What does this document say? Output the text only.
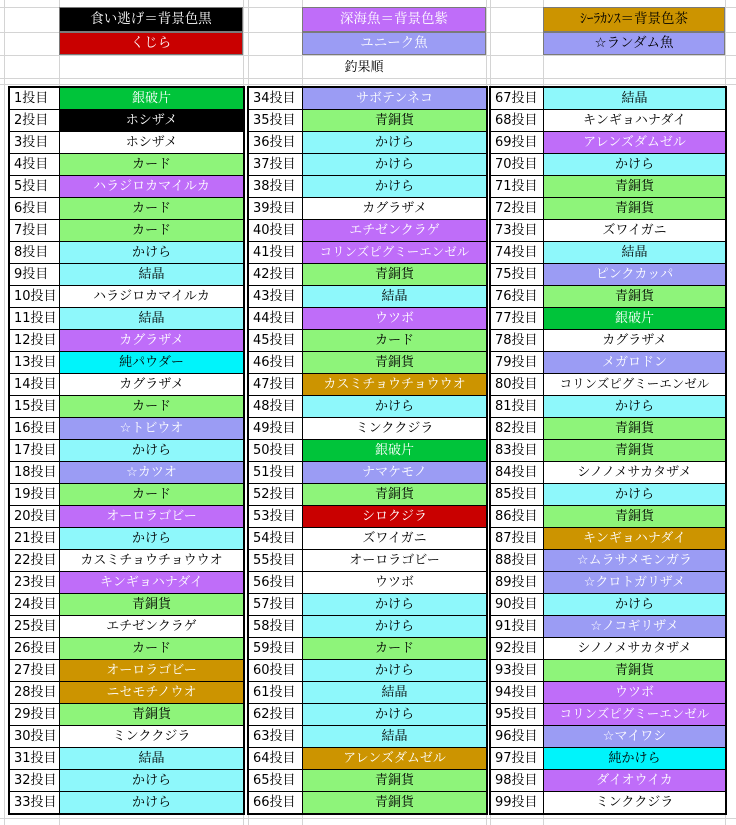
食い逃げ＝背景色黒	深海魚＝背景色紫	ｼｰﾗｶﾝｽ＝背景色茶
くじら	ユニーク魚	☆ランダム魚
釣果順
1投目	銀破片
2投目	ホシザメ
3投目	ホシザメ
4投目	カード
5投目	ハラジロカマイルカ
6投目	カード
7投目	カード
8投目	かけら
9投目	結晶
10投目	ハラジロカマイルカ
11投目	結晶
12投目	カグラザメ
13投目	純パウダー
14投目	カグラザメ
15投目	カード
16投目	☆トビウオ
17投目	かけら
18投目	☆カツオ
19投目	カード
20投目	オーロラゴビー
21投目	かけら
22投目	カスミチョウチョウウオ
23投目	キンギョハナダイ
24投目	青銅貨
25投目	エチゼンクラゲ
26投目	カード
27投目	オーロラゴビー
28投目	ニセモチノウオ
29投目	青銅貨
30投目	ミンククジラ
31投目	結晶
32投目	かけら
33投目	かけら
34投目	サボテンネコ
35投目	青銅貨
36投目	かけら
37投目	かけら
38投目	かけら
39投目	カグラザメ
40投目	エチゼンクラゲ
41投目	コリンズピグミーエンゼル
42投目	青銅貨
43投目	結晶
44投目	ウツボ
45投目	カード
46投目	青銅貨
47投目	カスミチョウチョウウオ
48投目	かけら
49投目	ミンククジラ
50投目	銀破片
51投目	ナマケモノ
52投目	青銅貨
53投目	シロクジラ
54投目	ズワイガニ
55投目	オーロラゴビー
56投目	ウツボ
57投目	かけら
58投目	かけら
59投目	カード
60投目	かけら
61投目	結晶
62投目	かけら
63投目	結晶
64投目	アレンズダムゼル
65投目	青銅貨
66投目	青銅貨
67投目	結晶
68投目	キンギョハナダイ
69投目	アレンズダムゼル
70投目	かけら
71投目	青銅貨
72投目	青銅貨
73投目	ズワイガニ
74投目	結晶
75投目	ピンクカッパ
76投目	青銅貨
77投目	銀破片
78投目	カグラザメ
79投目	メガロドン
80投目	コリンズピグミーエンゼル
81投目	かけら
82投目	青銅貨
83投目	青銅貨
84投目	シノノメサカタザメ
85投目	かけら
86投目	青銅貨
87投目	キンギョハナダイ
88投目	☆ムラサメモンガラ
89投目	☆クロトガリザメ
90投目	かけら
91投目	☆ノコギリザメ
92投目	シノノメサカタザメ
93投目	青銅貨
94投目	ウツボ
95投目	コリンズピグミーエンゼル
96投目	☆マイワシ
97投目	純かけら
98投目	ダイオウイカ
99投目	ミンククジラ
